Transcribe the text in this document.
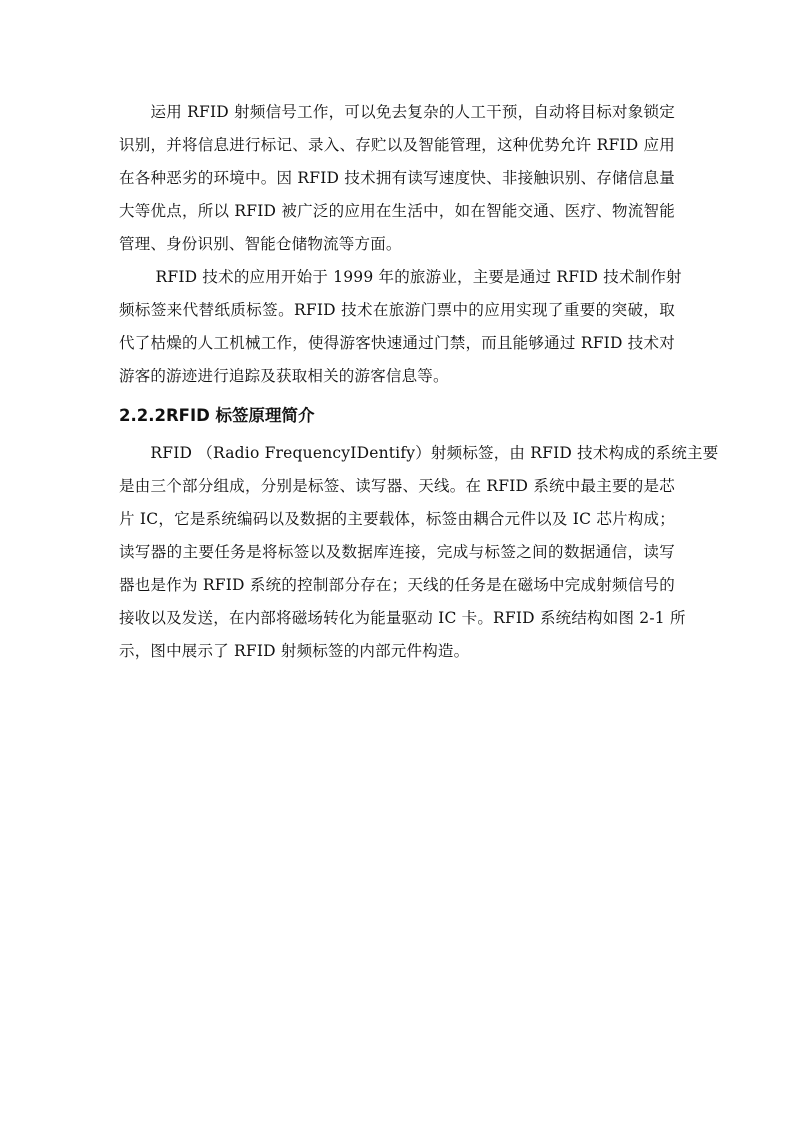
　　运用 RFID 射频信号工作，可以免去复杂的人工干预，自动将目标对象锁定
识别，并将信息进行标记、录入、存贮以及智能管理，这种优势允许 RFID 应用
在各种恶劣的环境中。因 RFID 技术拥有读写速度快、非接触识别、存储信息量
大等优点，所以 RFID 被广泛的应用在生活中，如在智能交通、医疗、物流智能
管理、身份识别、智能仓储物流等方面。
　　 RFID 技术的应用开始于 1999 年的旅游业，主要是通过 RFID 技术制作射
频标签来代替纸质标签。RFID 技术在旅游门票中的应用实现了重要的突破，取
代了枯燥的人工机械工作，使得游客快速通过门禁，而且能够通过 RFID 技术对
游客的游迹进行追踪及获取相关的游客信息等。
2.2.2RFID 标签原理简介
　　RFID （Radio FrequencyIDentify）射频标签，由 RFID 技术构成的系统主要
是由三个部分组成，分别是标签、读写器、天线。在 RFID 系统中最主要的是芯
片 IC，它是系统编码以及数据的主要载体，标签由耦合元件以及 IC 芯片构成；
读写器的主要任务是将标签以及数据库连接，完成与标签之间的数据通信，读写
器也是作为 RFID 系统的控制部分存在；天线的任务是在磁场中完成射频信号的
接收以及发送，在内部将磁场转化为能量驱动 IC 卡。RFID 系统结构如图 2-1 所
示，图中展示了 RFID 射频标签的内部元件构造。
